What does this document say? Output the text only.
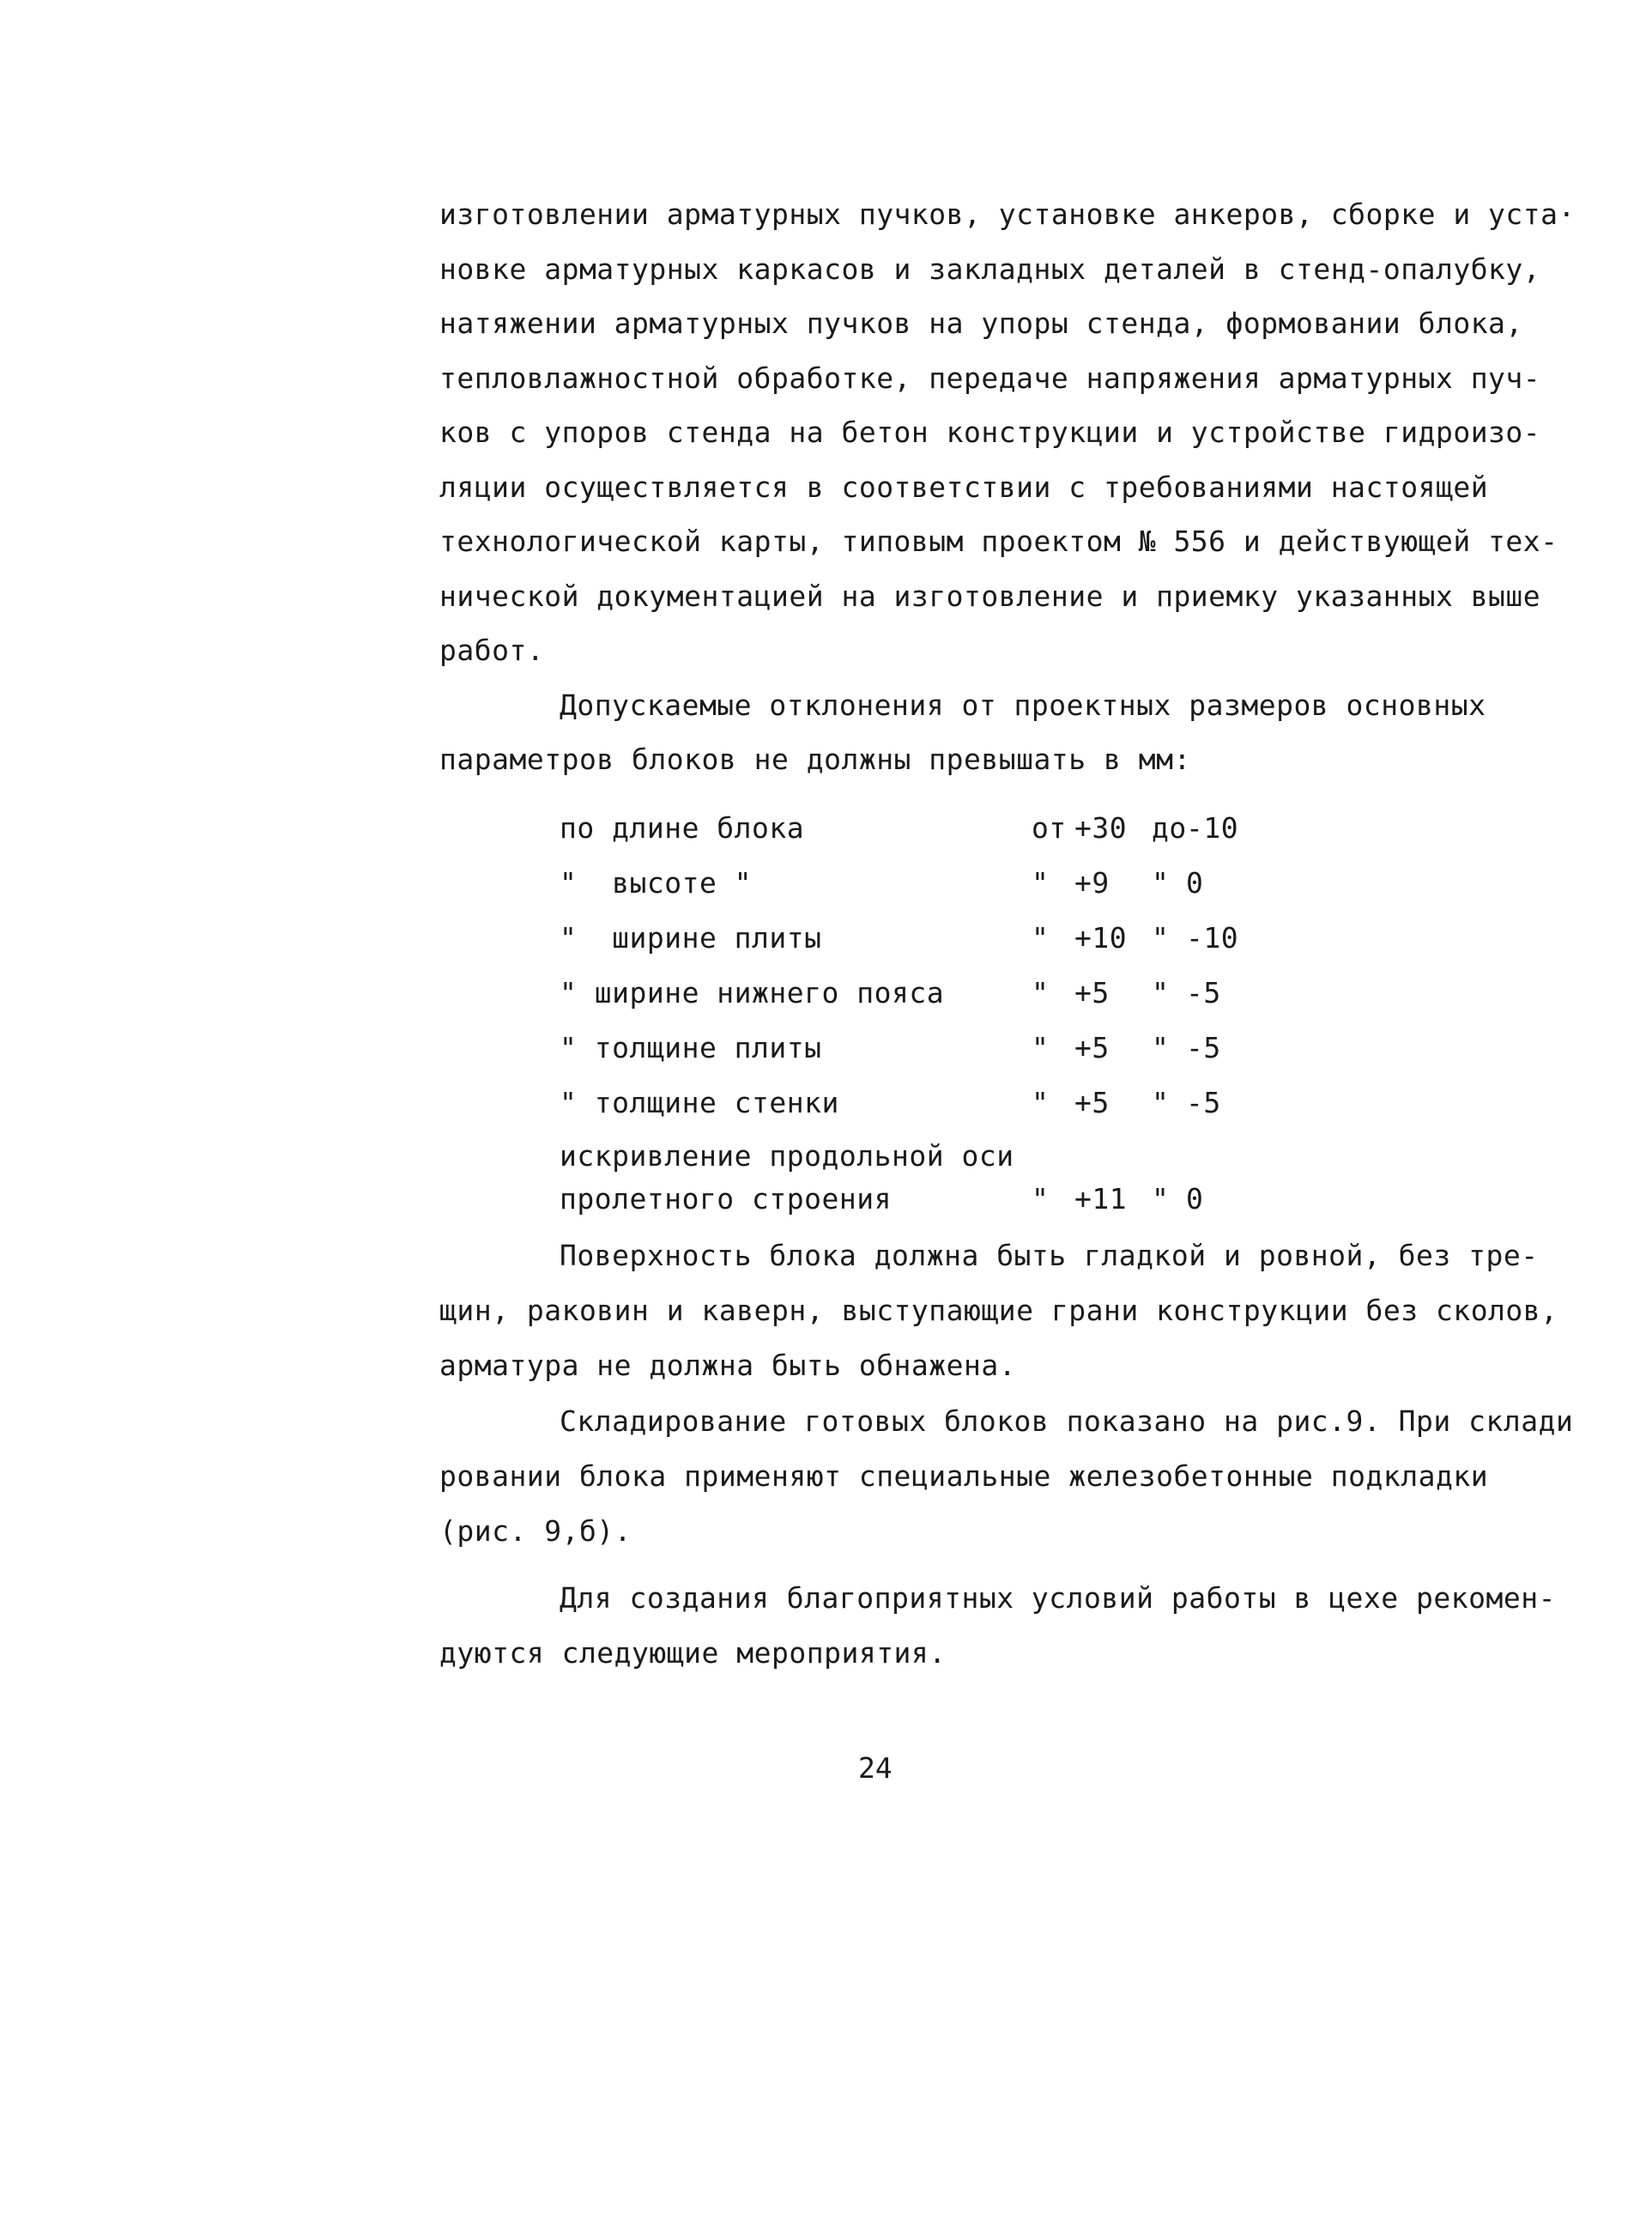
изготовлении арматурных пучков, установке анкеров, сборке и уста·
новке арматурных каркасов и закладных деталей в стенд-опалубку,
натяжении арматурных пучков на упоры стенда, формовании блока,
тепловлажностной обработке, передаче напряжения арматурных пуч-
ков с упоров стенда на бетон конструкции и устройстве гидроизо-
ляции осуществляется в соответствии с требованиями настоящей
технологической карты, типовым проектом № 556 и действующей тех-
нической документацией на изготовление и приемку указанных выше
работ.
Допускаемые отклонения от проектных размеров основных
параметров блоков не должны превышать в мм:
по длине блока	от +30 до -10
"  высоте "	" +9 " 0
"  ширине плиты	" +10 " -10
" ширине нижнего пояса	" +5 " -5
" толщине плиты	" +5 " -5
" толщине стенки	" +5 " -5
искривление продольной оси
пролетного строения	" +11 " 0
Поверхность блока должна быть гладкой и ровной, без тре-
щин, раковин и каверн, выступающие грани конструкции без сколов,
арматура не должна быть обнажена.
Складирование готовых блоков показано на рис.9. При склади
ровании блока применяют специальные железобетонные подкладки
(рис. 9,б).
Для создания благоприятных условий работы в цехе рекомен-
дуются следующие мероприятия.
24
